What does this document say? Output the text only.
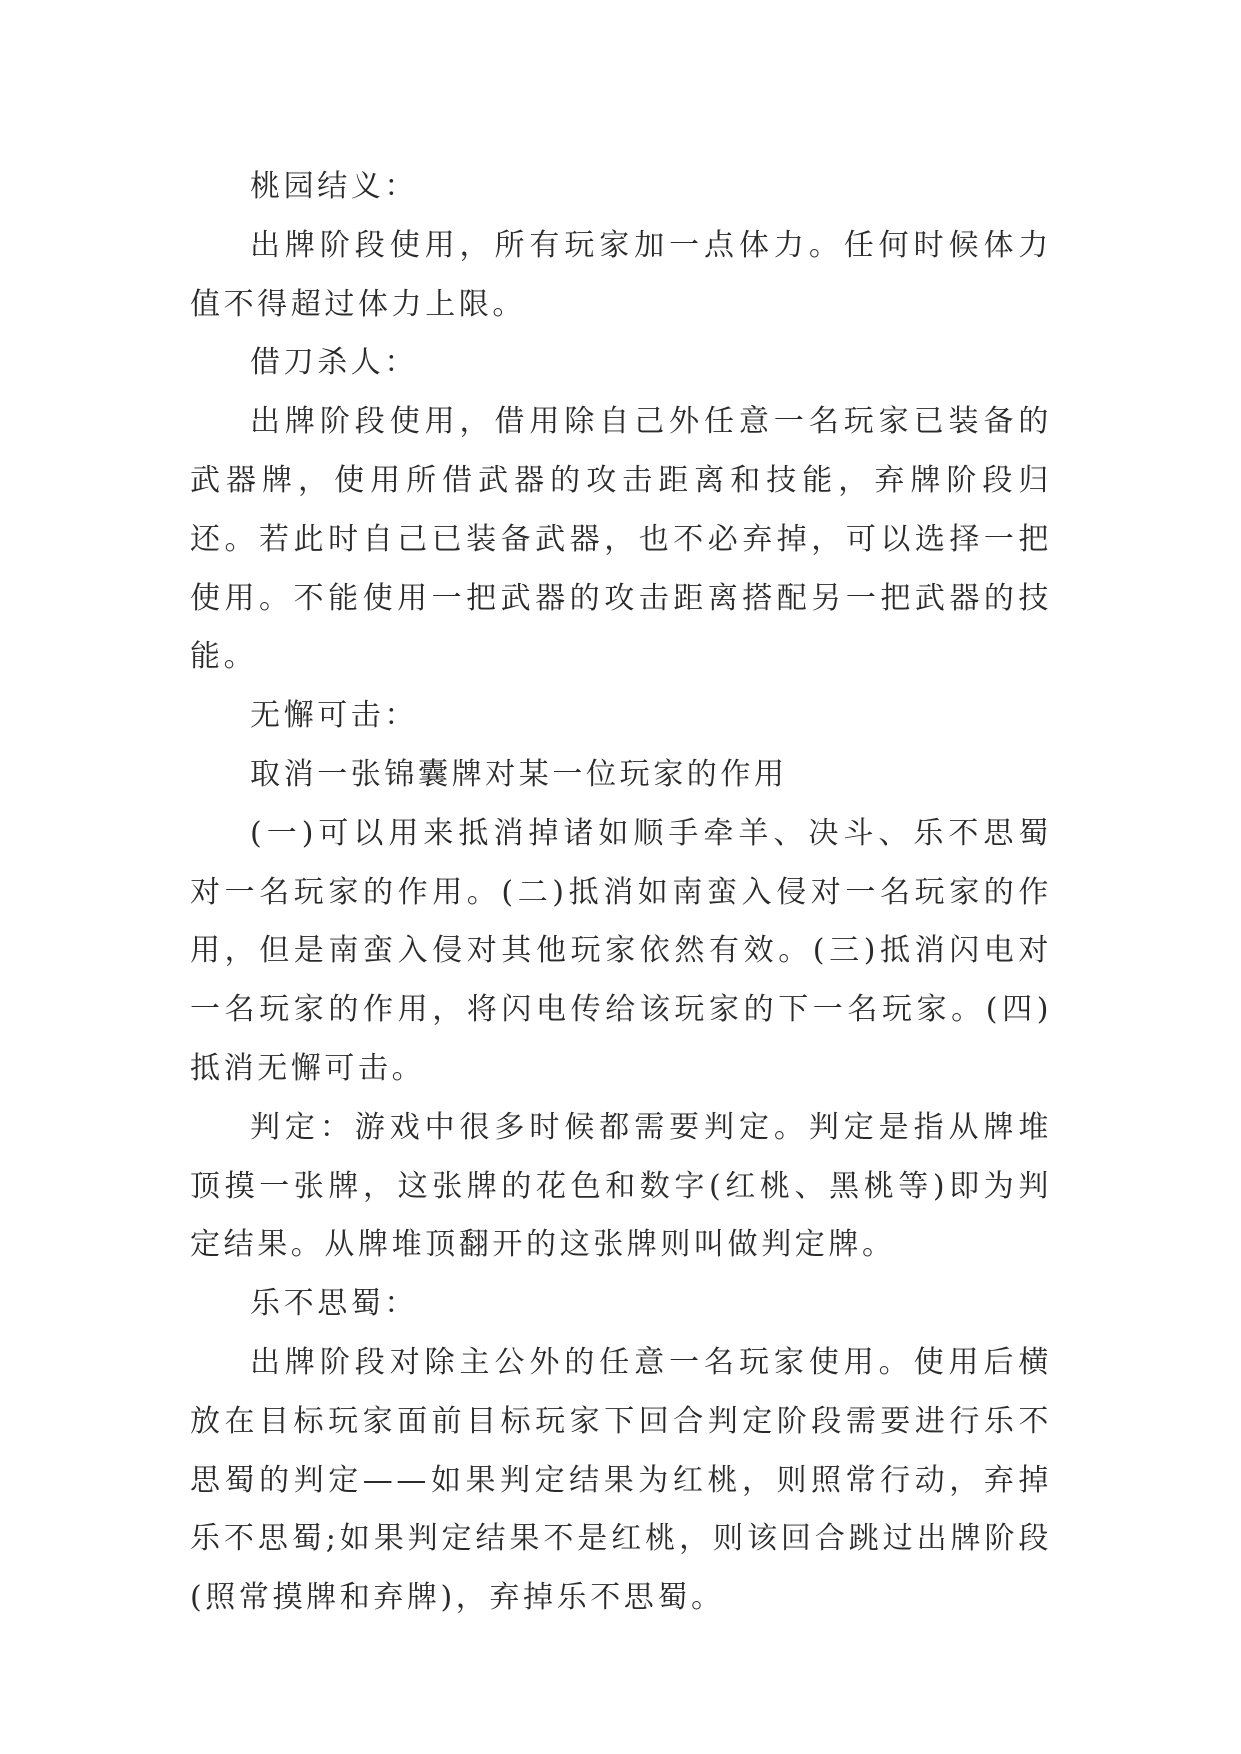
桃园结义：

出牌阶段使用，所有玩家加一点体力。任何时候体力值不得超过体力上限。

借刀杀人：

出牌阶段使用，借用除自己外任意一名玩家已装备的武器牌，使用所借武器的攻击距离和技能，弃牌阶段归还。若此时自己已装备武器，也不必弃掉，可以选择一把使用。不能使用一把武器的攻击距离搭配另一把武器的技能。

无懈可击：

取消一张锦囊牌对某一位玩家的作用

(一)可以用来抵消掉诸如顺手牵羊、决斗、乐不思蜀对一名玩家的作用。(二)抵消如南蛮入侵对一名玩家的作用，但是南蛮入侵对其他玩家依然有效。(三)抵消闪电对一名玩家的作用，将闪电传给该玩家的下一名玩家。(四)抵消无懈可击。

判定：游戏中很多时候都需要判定。判定是指从牌堆顶摸一张牌，这张牌的花色和数字(红桃、黑桃等)即为判定结果。从牌堆顶翻开的这张牌则叫做判定牌。

乐不思蜀：

出牌阶段对除主公外的任意一名玩家使用。使用后横放在目标玩家面前目标玩家下回合判定阶段需要进行乐不思蜀的判定——如果判定结果为红桃，则照常行动，弃掉乐不思蜀;如果判定结果不是红桃，则该回合跳过出牌阶段(照常摸牌和弃牌)，弃掉乐不思蜀。
